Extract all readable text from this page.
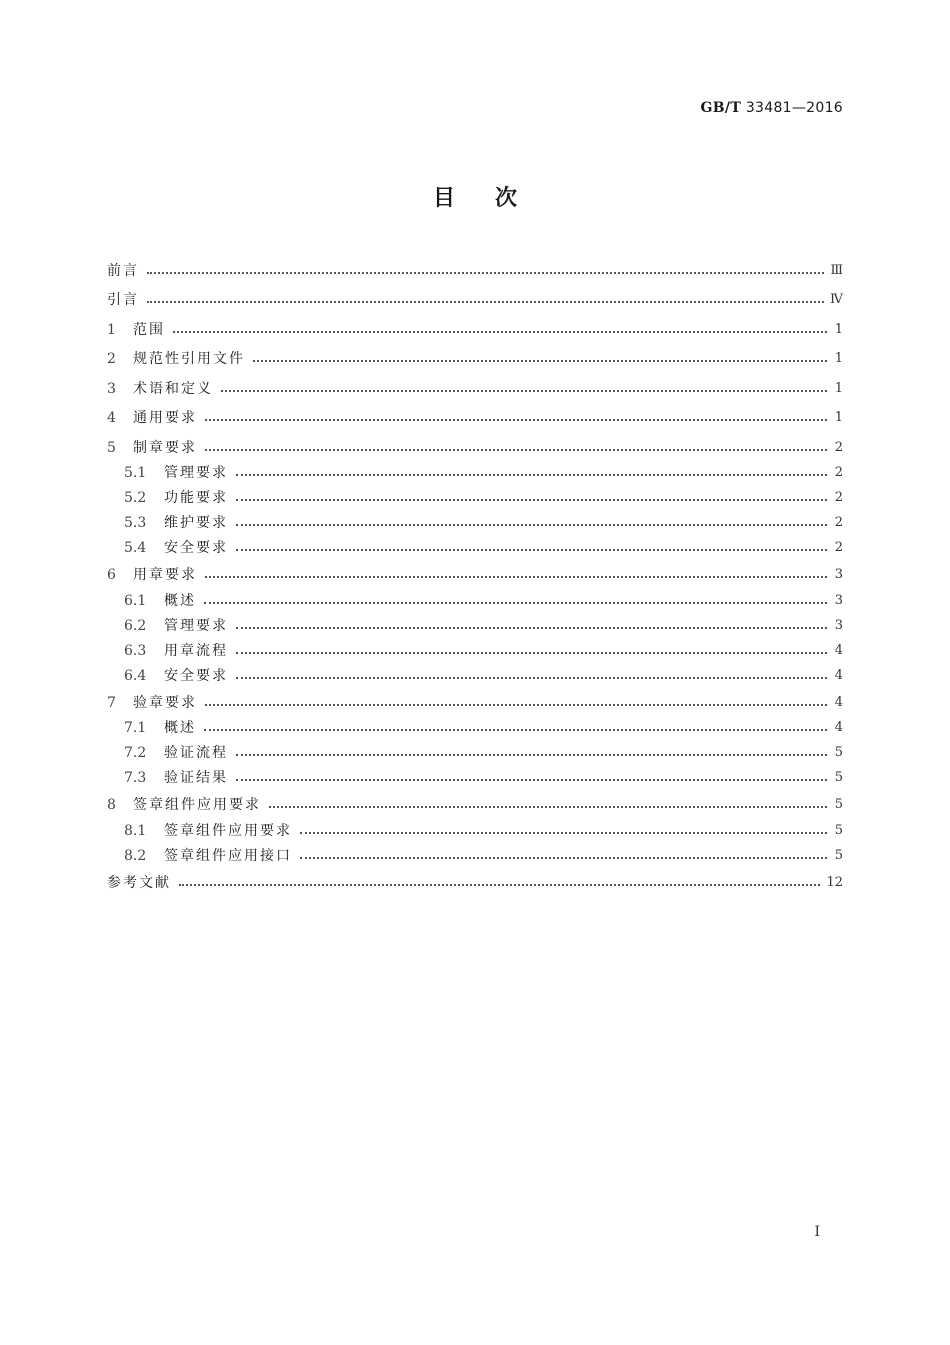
GB/T 33481—2016
目次
前言	Ⅲ
引言	Ⅳ
1	范围	1
2	规范性引用文件	1
3	术语和定义	1
4	通用要求	1
5	制章要求	2
5.1	管理要求	2
5.2	功能要求	2
5.3	维护要求	2
5.4	安全要求	2
6	用章要求	3
6.1	概述	3
6.2	管理要求	3
6.3	用章流程	4
6.4	安全要求	4
7	验章要求	4
7.1	概述	4
7.2	验证流程	5
7.3	验证结果	5
8	签章组件应用要求	5
8.1	签章组件应用要求	5
8.2	签章组件应用接口	5
参考文献	12
Ⅰ
